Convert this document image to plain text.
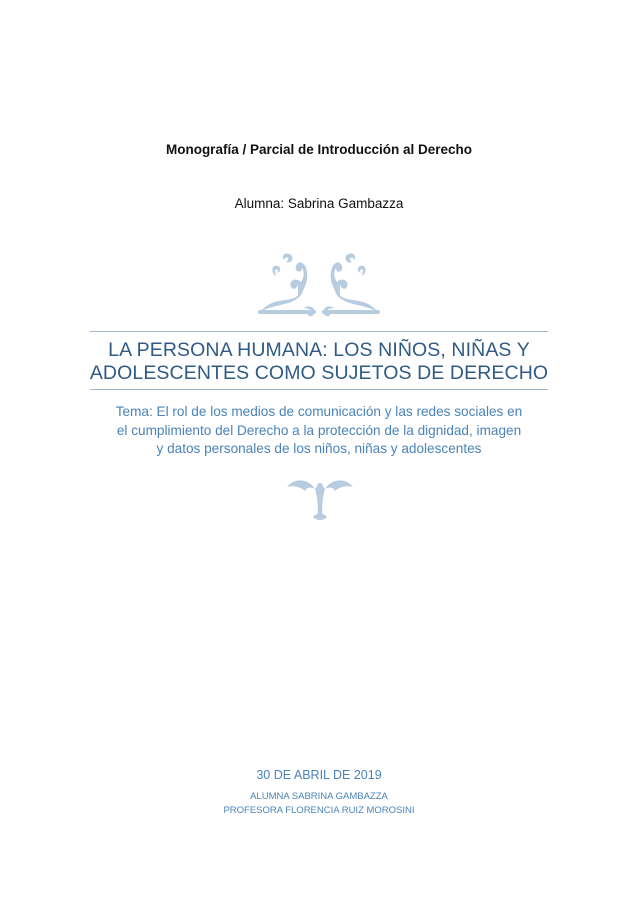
Monografía / Parcial de Introducción al Derecho
Alumna: Sabrina Gambazza
LA PERSONA HUMANA: LOS NIÑOS, NIÑAS Y
ADOLESCENTES COMO SUJETOS DE DERECHO
Tema: El rol de los medios de comunicación y las redes sociales en
el cumplimiento del Derecho a la protección de la dignidad, imagen
y datos personales de los niños, niñas y adolescentes
30 DE ABRIL DE 2019
ALUMNA SABRINA GAMBAZZA
PROFESORA FLORENCIA RUIZ MOROSINI
